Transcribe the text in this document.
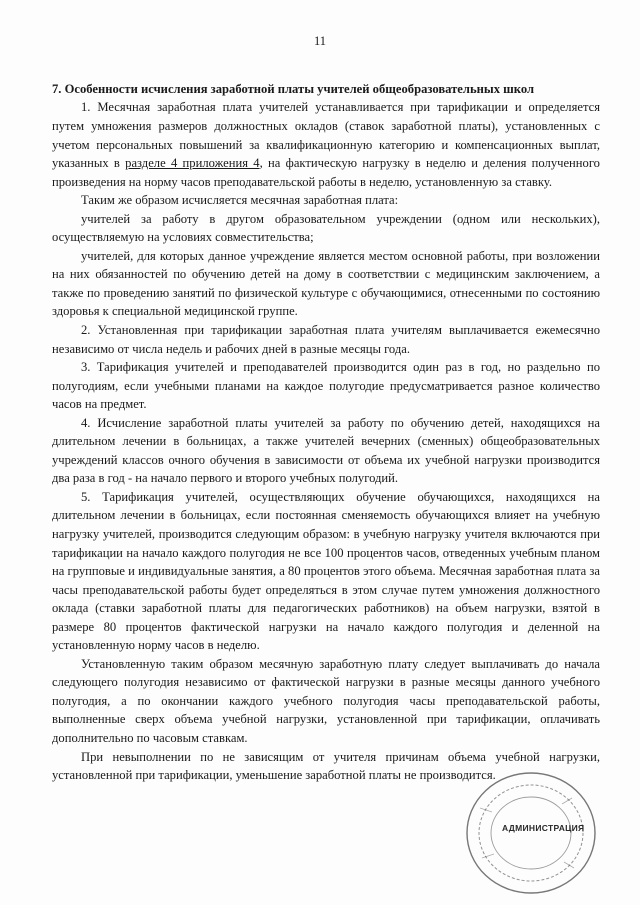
11
7. Особенности исчисления заработной платы учителей общеобразовательных школ

1. Месячная заработная плата учителей устанавливается при тарификации и определяется путем умножения размеров должностных окладов (ставок заработной платы), установленных с учетом персональных повышений за квалификационную категорию и компенсационных выплат, указанных в разделе 4 приложения 4, на фактическую нагрузку в неделю и деления полученного произведения на норму часов преподавательской работы в неделю, установленную за ставку.

Таким же образом исчисляется месячная заработная плата:

учителей за работу в другом образовательном учреждении (одном или нескольких), осуществляемую на условиях совместительства;

учителей, для которых данное учреждение является местом основной работы, при возложении на них обязанностей по обучению детей на дому в соответствии с медицинским заключением, а также по проведению занятий по физической культуре с обучающимися, отнесенными по состоянию здоровья к специальной медицинской группе.

2. Установленная при тарификации заработная плата учителям выплачивается ежемесячно независимо от числа недель и рабочих дней в разные месяцы года.

3. Тарификация учителей и преподавателей производится один раз в год, но раздельно по полугодиям, если учебными планами на каждое полугодие предусматривается разное количество часов на предмет.

4. Исчисление заработной платы учителей за работу по обучению детей, находящихся на длительном лечении в больницах, а также учителей вечерних (сменных) общеобразовательных учреждений классов очного обучения в зависимости от объема их учебной нагрузки производится два раза в год - на начало первого и второго учебных полугодий.

5. Тарификация учителей, осуществляющих обучение обучающихся, находящихся на длительном лечении в больницах, если постоянная сменяемость обучающихся влияет на учебную нагрузку учителей, производится следующим образом: в учебную нагрузку учителя включаются при тарификации на начало каждого полугодия не все 100 процентов часов, отведенных учебным планом на групповые и индивидуальные занятия, а 80 процентов этого объема. Месячная заработная плата за часы преподавательской работы будет определяться в этом случае путем умножения должностного оклада (ставки заработной платы для педагогических работников) на объем нагрузки, взятой в размере 80 процентов фактической нагрузки на начало каждого полугодия и деленной на установленную норму часов в неделю.

Установленную таким образом месячную заработную плату следует выплачивать до начала следующего полугодия независимо от фактической нагрузки в разные месяцы данного учебного полугодия, а по окончании каждого учебного полугодия часы преподавательской работы, выполненные сверх объема учебной нагрузки, установленной при тарификации, оплачивать дополнительно по часовым ставкам.

При невыполнении по не зависящим от учителя причинам объема учебной нагрузки, установленной при тарификации, уменьшение заработной платы не производится.

АДМИНИСТРАЦИЯ
